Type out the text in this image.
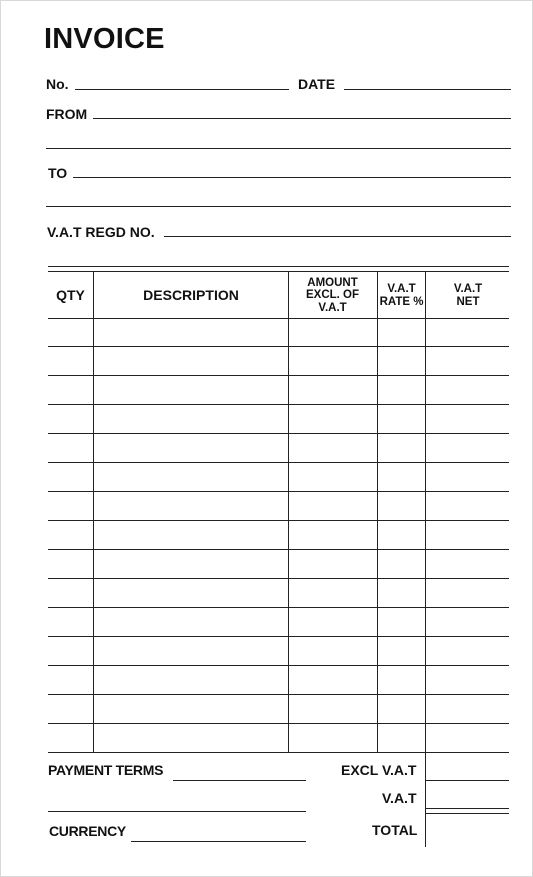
INVOICE
No.	DATE
FROM
TO
V.A.T REGD NO.
QTY	DESCRIPTION
AMOUNT
EXCL. OF
V.A.T
V.A.T
RATE %
V.A.T
NET
PAYMENT TERMS
CURRENCY
EXCL V.A.T
V.A.T
TOTAL
